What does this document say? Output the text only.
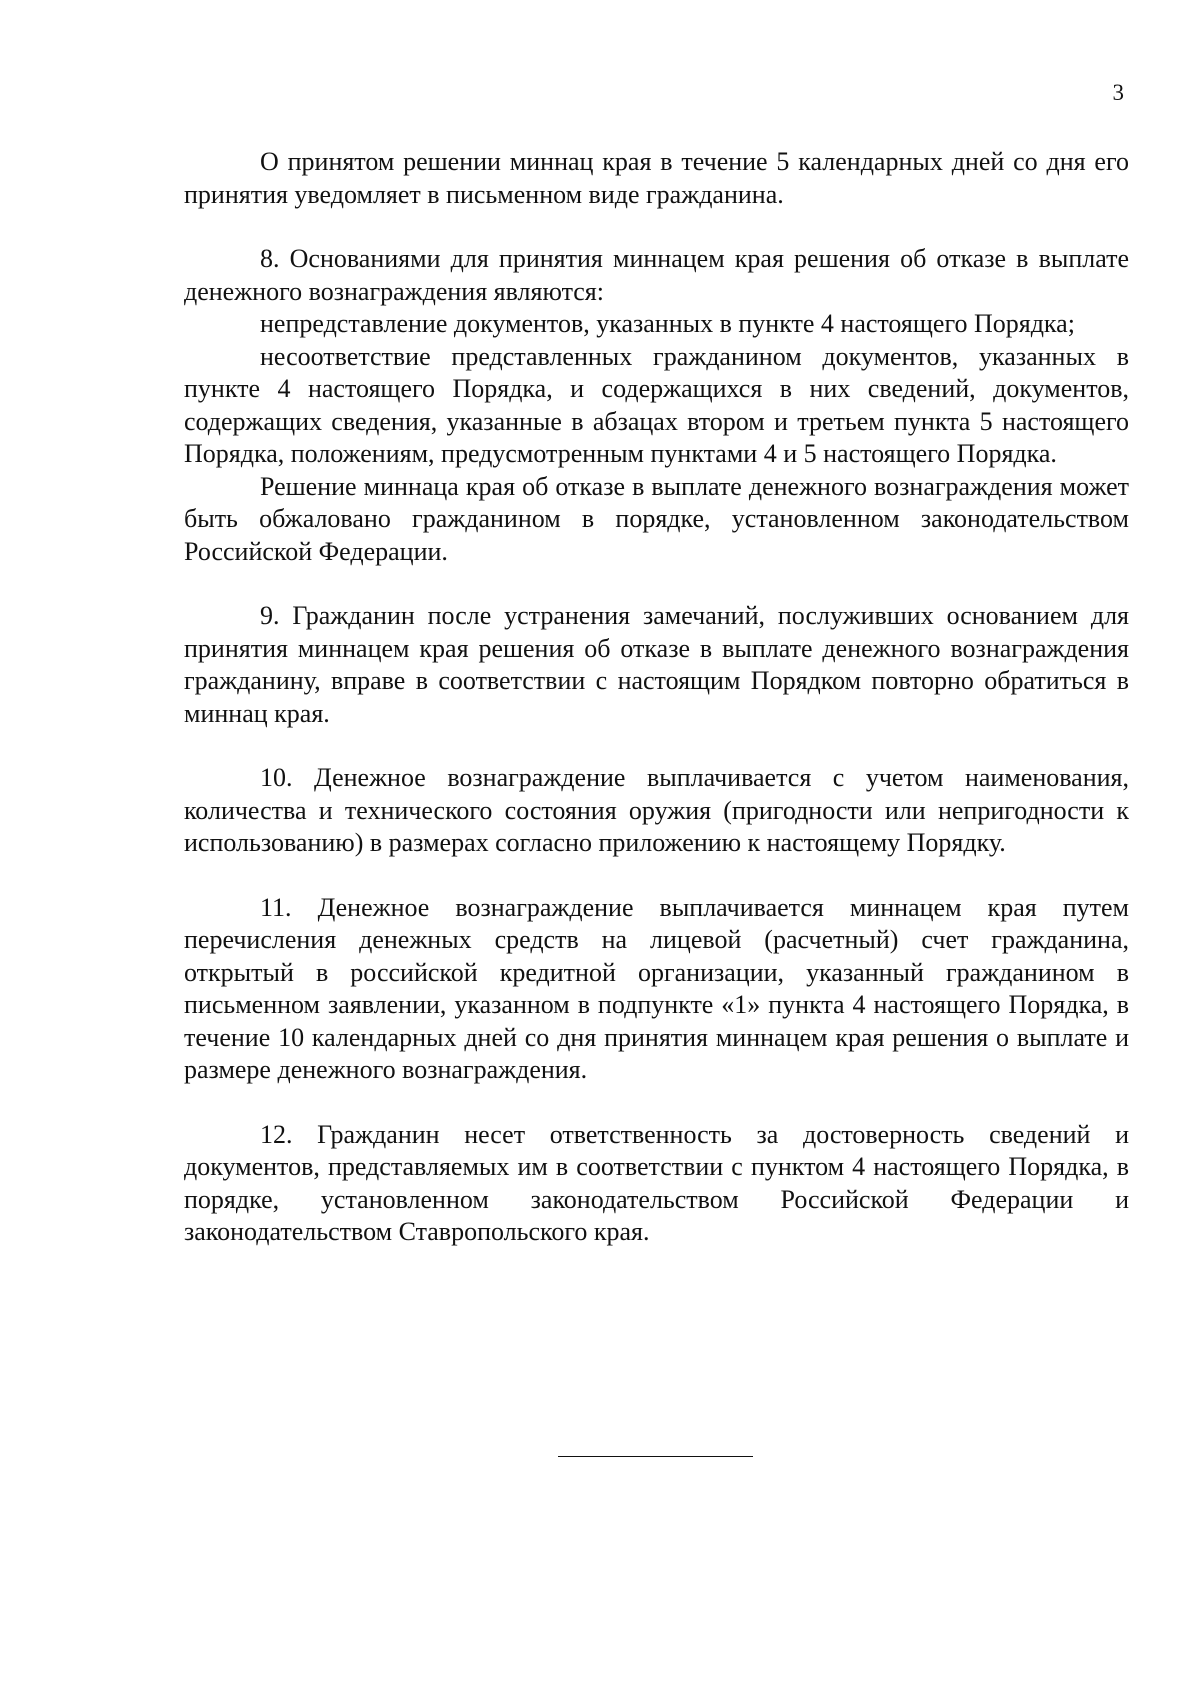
3

О принятом решении миннац края в течение 5 календарных дней со дня его принятия уведомляет в письменном виде гражданина.

8. Основаниями для принятия миннацем края решения об отказе в выплате денежного вознаграждения являются:

непредставление документов, указанных в пункте 4 настоящего Порядка;

несоответствие представленных гражданином документов, указанных в пункте 4 настоящего Порядка, и содержащихся в них сведений, документов, содержащих сведения, указанные в абзацах втором и третьем пункта 5 настоящего Порядка, положениям, предусмотренным пунктами 4 и 5 настоящего Порядка.

Решение миннаца края об отказе в выплате денежного вознаграждения может быть обжаловано гражданином в порядке, установленном законодательством Российской Федерации.

9. Гражданин после устранения замечаний, послуживших основанием для принятия миннацем края решения об отказе в выплате денежного вознаграждения гражданину, вправе в соответствии с настоящим Порядком повторно обратиться в миннац края.

10. Денежное вознаграждение выплачивается с учетом наименования, количества и технического состояния оружия (пригодности или непригодности к использованию) в размерах согласно приложению к настоящему Порядку.

11. Денежное вознаграждение выплачивается миннацем края путем перечисления денежных средств на лицевой (расчетный) счет гражданина, открытый в российской кредитной организации, указанный гражданином в письменном заявлении, указанном в подпункте «1» пункта 4 настоящего Порядка, в течение 10 календарных дней со дня принятия миннацем края решения о выплате и размере денежного вознаграждения.

12. Гражданин несет ответственность за достоверность сведений и документов, представляемых им в соответствии с пунктом 4 настоящего Порядка, в порядке, установленном законодательством Российской Федерации и законодательством Ставропольского края.
